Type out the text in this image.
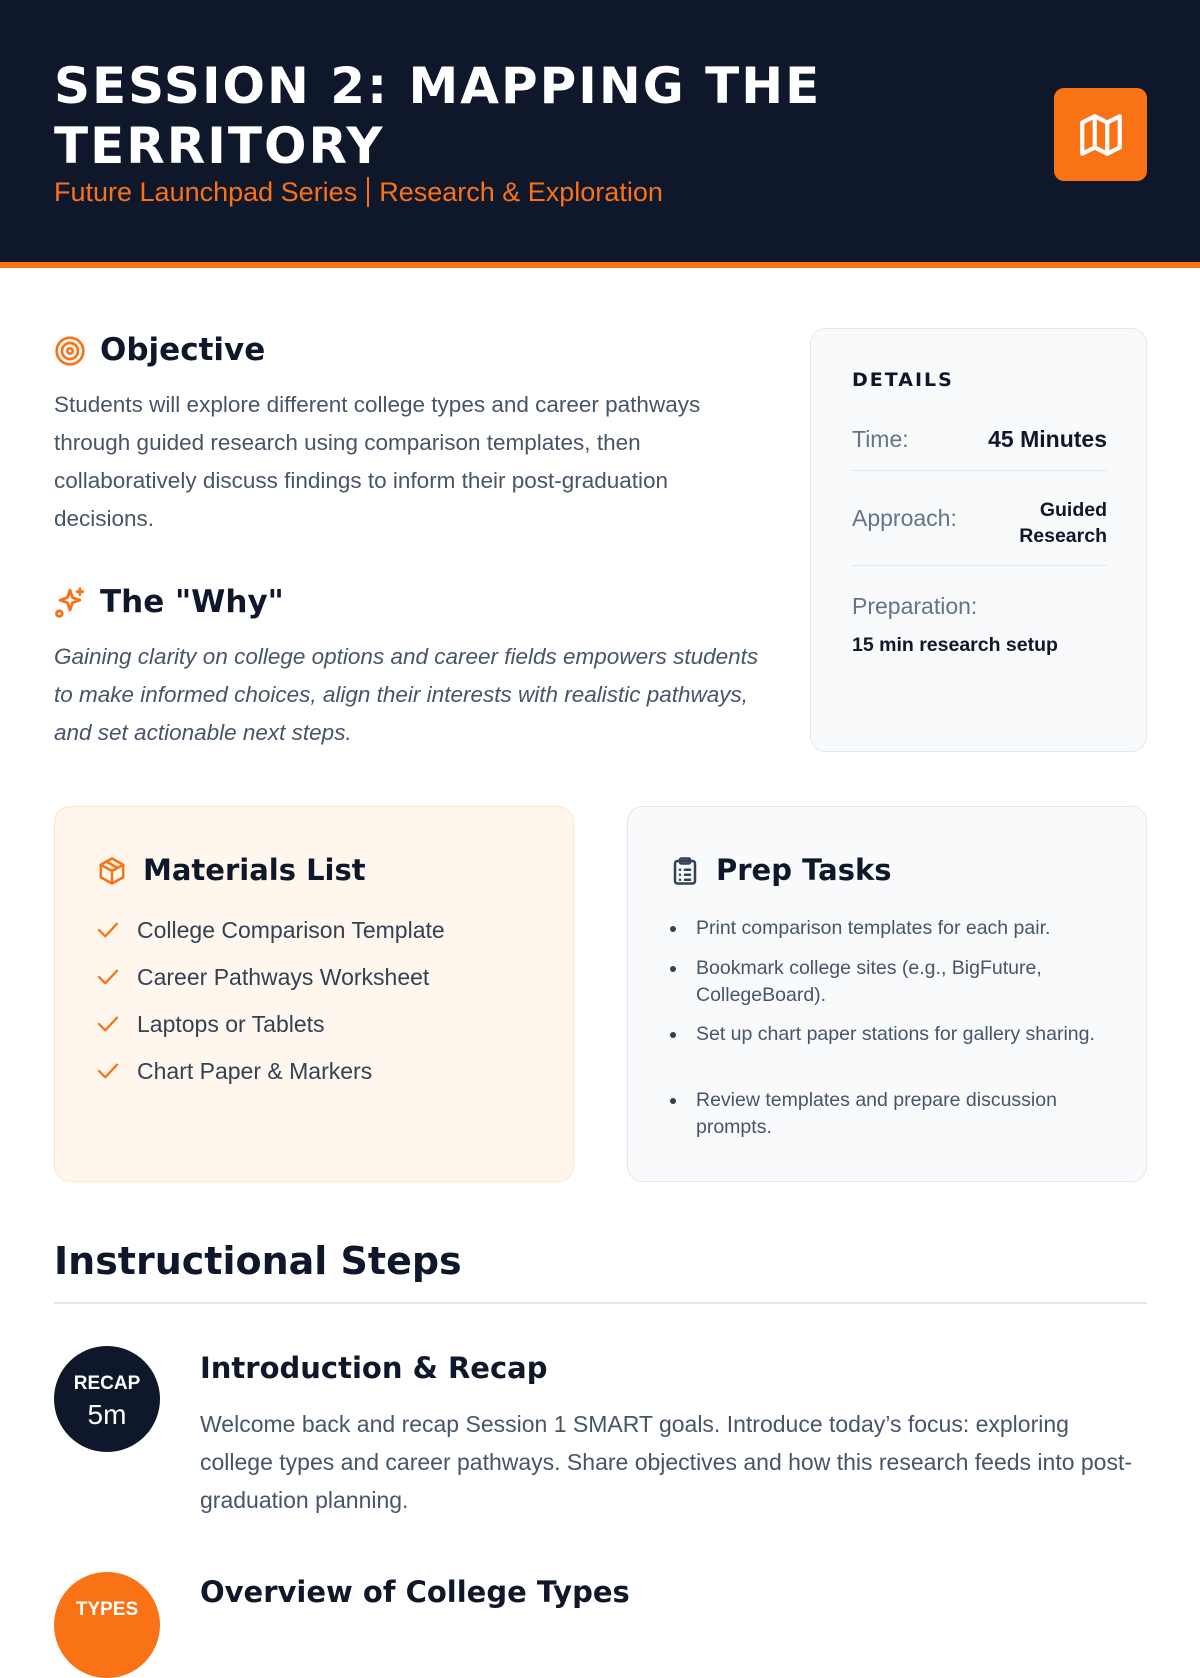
SESSION 2: MAPPING THE TERRITORY
Future Launchpad Series Research & Exploration
Objective
Students will explore different college types and career pathways through guided research using comparison templates, then collaboratively discuss findings to inform their post-graduation decisions.
The "Why"
Gaining clarity on college options and career fields empowers students to make informed choices, align their interests with realistic pathways, and set actionable next steps.
DETAILS
Time:	45 Minutes
Approach:	Guided Research
Preparation:
15 min research setup
Materials List
College Comparison Template
Career Pathways Worksheet
Laptops or Tablets
Chart Paper & Markers
Prep Tasks
Print comparison templates for each pair.
Bookmark college sites (e.g., BigFuture, CollegeBoard).
Set up chart paper stations for gallery sharing.
Review templates and prepare discussion prompts.
Instructional Steps
RECAP
5m
Introduction & Recap
Welcome back and recap Session 1 SMART goals. Introduce today’s focus: exploring college types and career pathways. Share objectives and how this research feeds into post-graduation planning.
TYPES
Overview of College Types
